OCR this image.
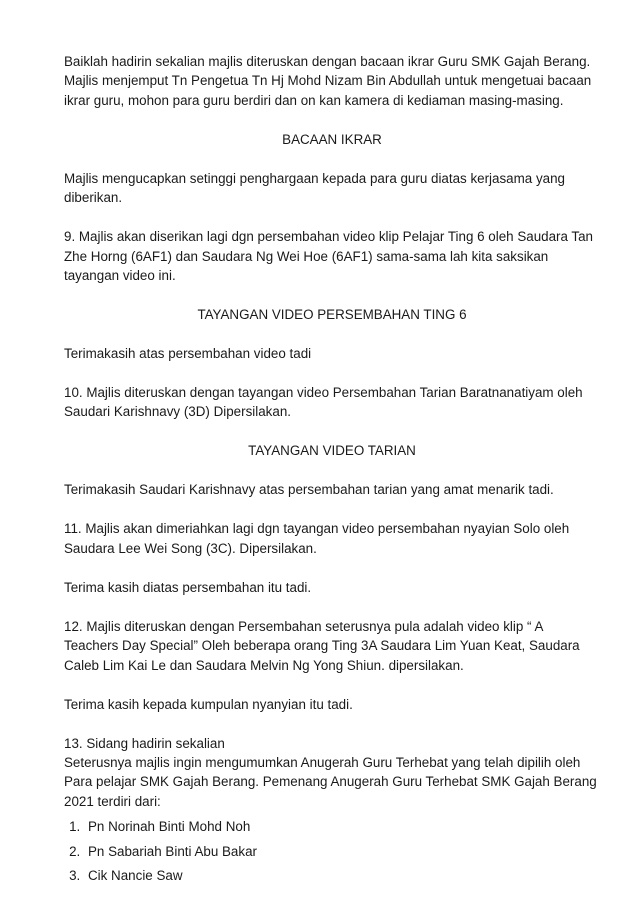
Baiklah hadirin sekalian majlis diteruskan dengan bacaan ikrar Guru SMK Gajah Berang. Majlis menjemput Tn Pengetua Tn Hj Mohd Nizam Bin Abdullah untuk mengetuai bacaan ikrar guru, mohon para guru berdiri dan on kan kamera di kediaman masing-masing.

BACAAN IKRAR

Majlis mengucapkan setinggi penghargaan kepada para guru diatas kerjasama yang diberikan.

9. Majlis akan diserikan lagi dgn persembahan video klip Pelajar Ting 6 oleh Saudara Tan Zhe Horng (6AF1) dan Saudara Ng Wei Hoe (6AF1) sama-sama lah kita saksikan tayangan video ini.

TAYANGAN VIDEO PERSEMBAHAN TING 6

Terimakasih atas persembahan video tadi

10. Majlis diteruskan dengan tayangan video Persembahan Tarian Baratnanatiyam oleh Saudari Karishnavy (3D) Dipersilakan.

TAYANGAN VIDEO TARIAN

Terimakasih Saudari Karishnavy atas persembahan tarian yang amat menarik tadi.

11. Majlis akan dimeriahkan lagi dgn tayangan video persembahan nyayian Solo oleh Saudara Lee Wei Song (3C). Dipersilakan.

Terima kasih diatas persembahan itu tadi.

12. Majlis diteruskan dengan Persembahan seterusnya pula adalah video klip “ A Teachers Day Special” Oleh beberapa orang Ting 3A Saudara Lim Yuan Keat, Saudara Caleb Lim Kai Le dan Saudara Melvin Ng Yong Shiun. dipersilakan.

Terima kasih kepada kumpulan nyanyian itu tadi.

13. Sidang hadirin sekalian

Seterusnya majlis ingin mengumumkan Anugerah Guru Terhebat yang telah dipilih oleh Para pelajar SMK Gajah Berang. Pemenang Anugerah Guru Terhebat SMK Gajah Berang 2021 terdiri dari:

1. Pn Norinah Binti Mohd Noh
2. Pn Sabariah Binti Abu Bakar
3. Cik Nancie Saw
